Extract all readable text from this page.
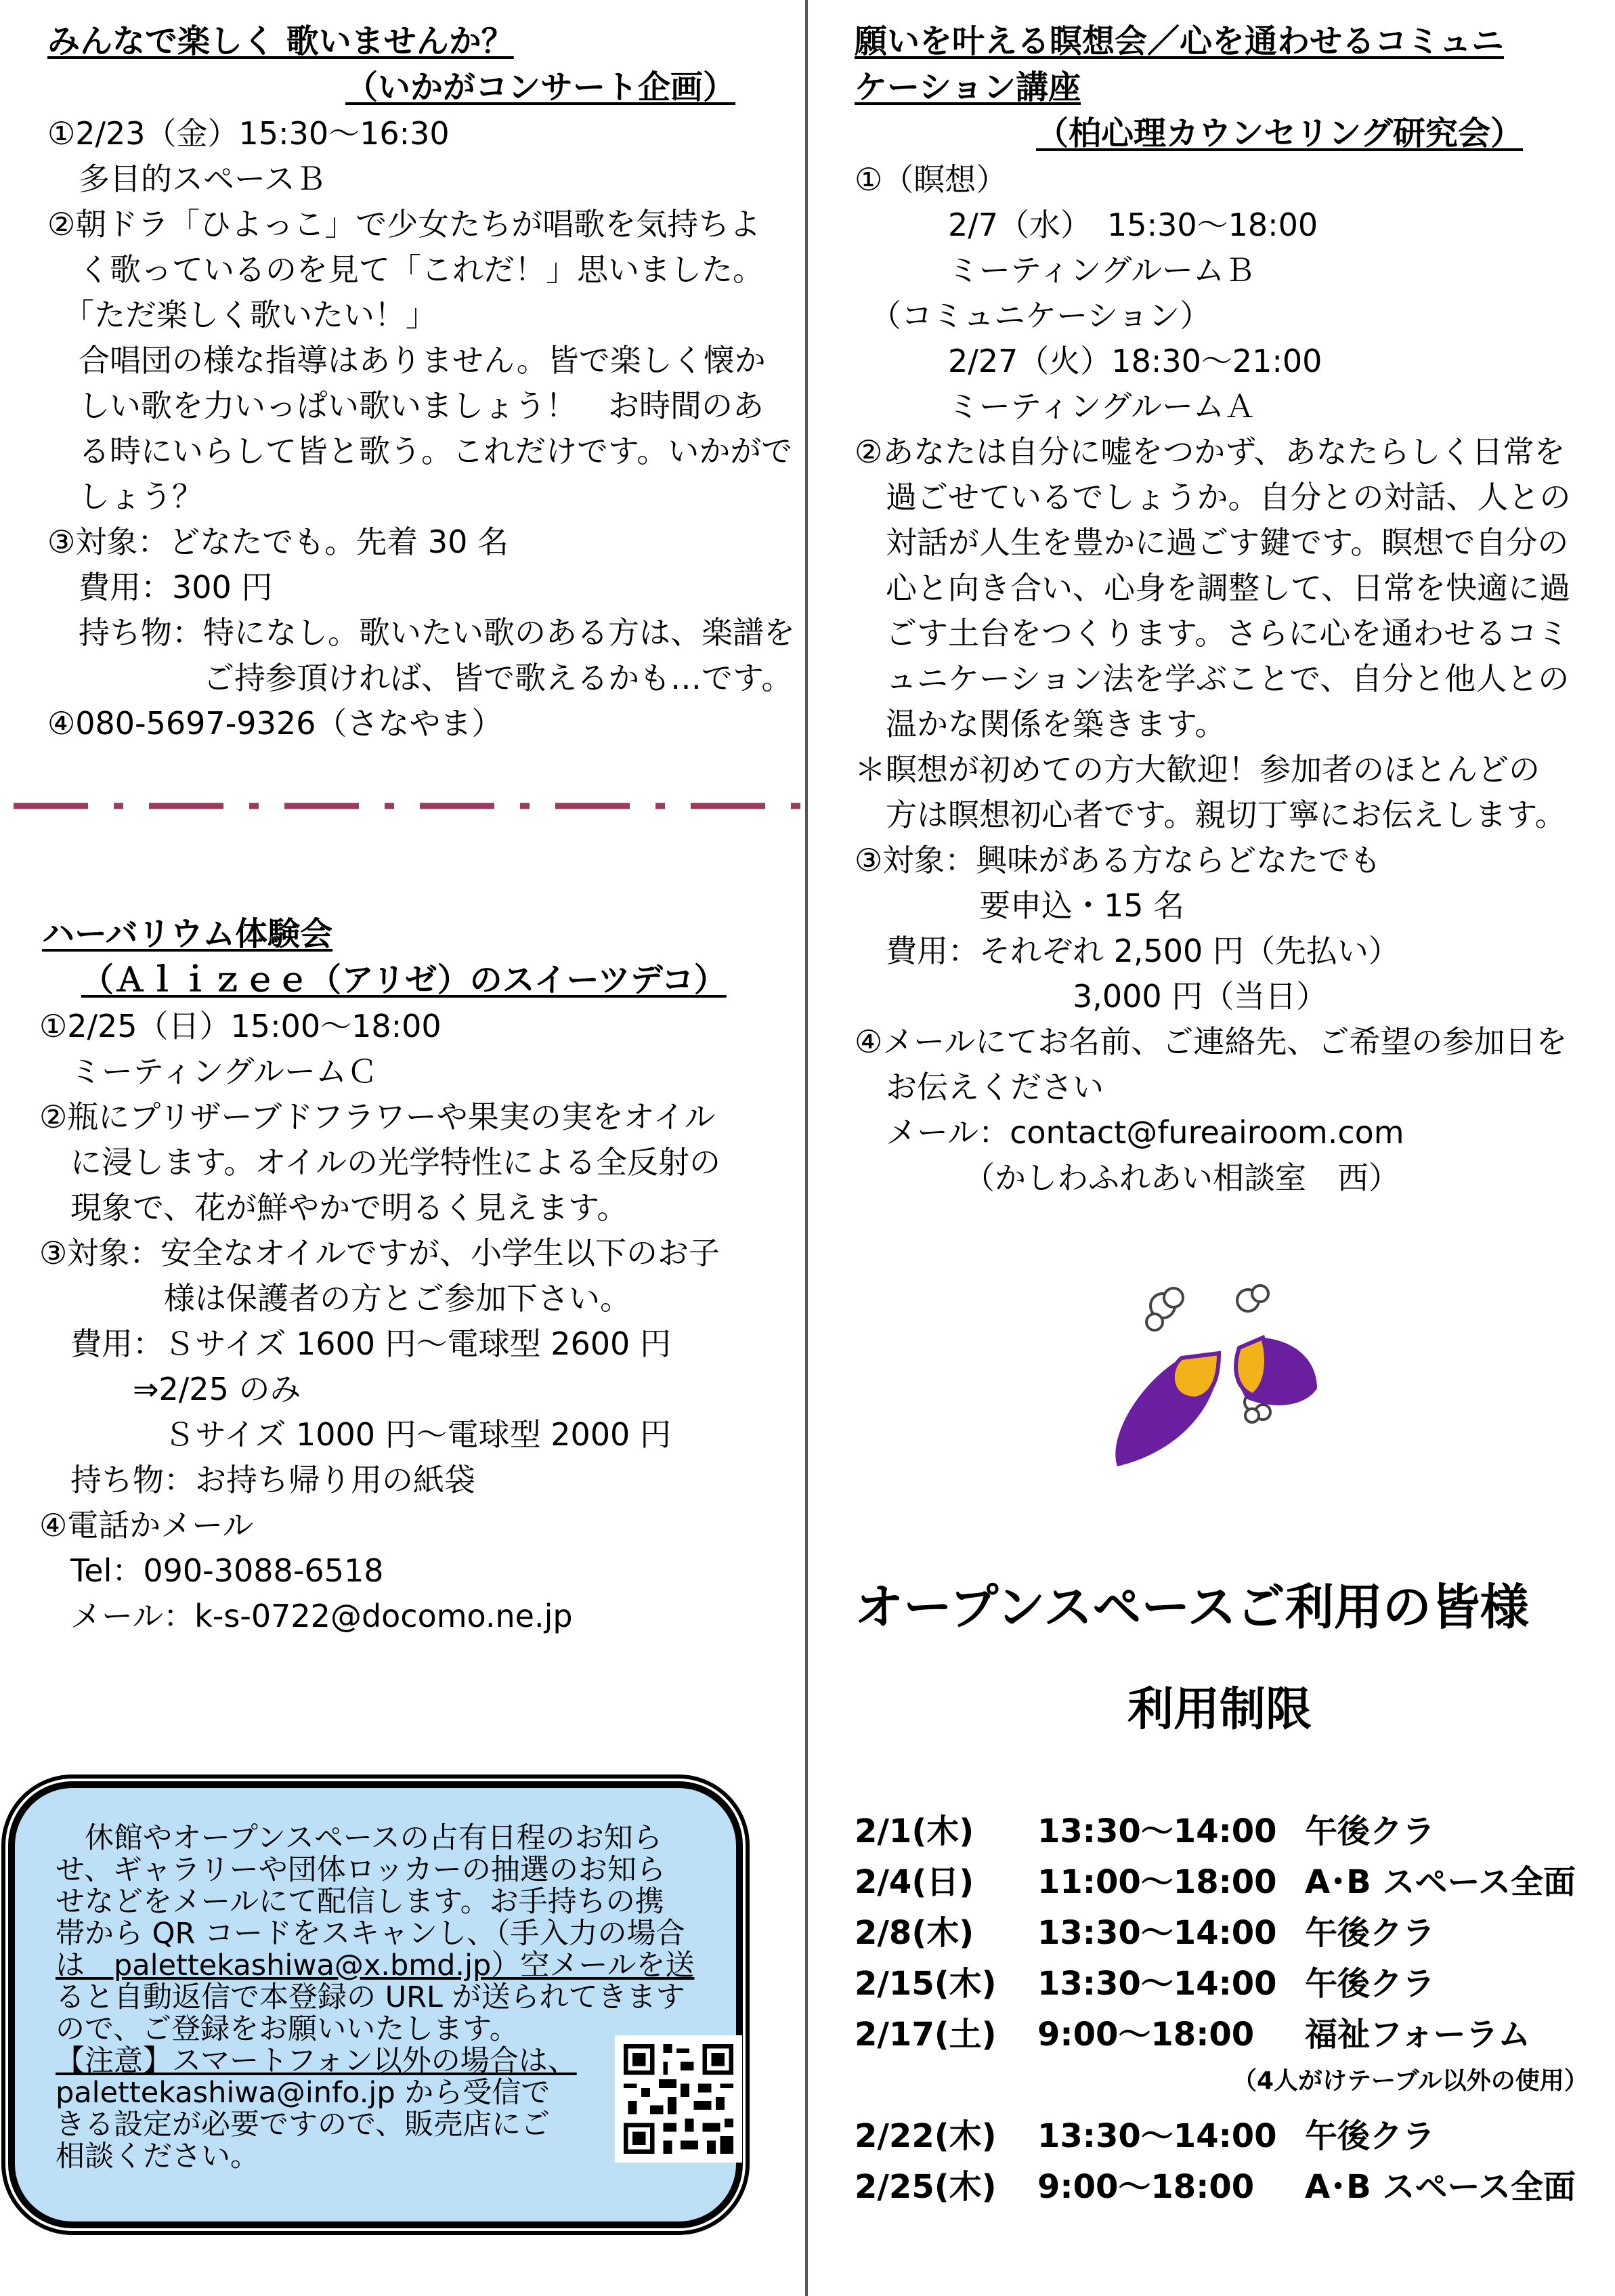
みんなで楽しく 歌いませんか？
（いかがコンサート企画）
①2/23（金）15:30～16:30
　多目的スペースＢ
②朝ドラ「ひよっこ」で少女たちが唱歌を気持ちよ
　く歌っているのを見て「これだ！」思いました。
　「ただ楽しく歌いたい！」
　合唱団の様な指導はありません。皆で楽しく懐か
　しい歌を力いっぱい歌いましょう！　お時間のあ
　る時にいらして皆と歌う。これだけです。いかがで
　しょう？
③対象：どなたでも。先着 30 名
　費用：300 円
　持ち物：特になし。歌いたい歌のある方は、楽譜を
　　　　　ご持参頂ければ、皆で歌えるかも…です。
④080-5697-9326（さなやま）
ハーバリウム体験会
（Ａｌｉｚｅｅ（アリゼ）のスイーツデコ）
①2/25（日）15:00～18:00
　ミーティングルームＣ
②瓶にプリザーブドフラワーや果実の実をオイル
　に浸します。オイルの光学特性による全反射の
　現象で、花が鮮やかで明るく見えます。
③対象：安全なオイルですが、小学生以下のお子
　　　　様は保護者の方とご参加下さい。
　費用：Ｓサイズ 1600 円～電球型 2600 円
　　　⇒2/25 のみ
　　　　Ｓサイズ 1000 円～電球型 2000 円
　持ち物：お持ち帰り用の紙袋
④電話かメール
　Tel：090-3088-6518
　メール：k-s-0722@docomo.ne.jp
　休館やオープンスペースの占有日程のお知ら
せ、ギャラリーや団体ロッカーの抽選のお知ら
せなどをメールにて配信します。お手持ちの携
帯から QR コードをスキャンし、（手入力の場合
は　palettekashiwa@x.bmd.jp）空メールを送
ると自動返信で本登録の URL が送られてきます
ので、ご登録をお願いいたします。
【注意】スマートフォン以外の場合は、
palettekashiwa@info.jp から受信で
きる設定が必要ですので、販売店にご
相談ください。
願いを叶える瞑想会／心を通わせるコミュニ
ケーション講座
（柏心理カウンセリング研究会）
①（瞑想）
　　　2/7（水）　15:30～18:00
　　　ミーティングルームＢ
　（コミュニケーション）
　　　2/27（火）18:30～21:00
　　　ミーティングルームＡ
②あなたは自分に嘘をつかず、あなたらしく日常を
　過ごせているでしょうか。自分との対話、人との
　対話が人生を豊かに過ごす鍵です。瞑想で自分の
　心と向き合い、心身を調整して、日常を快適に過
　ごす土台をつくります。さらに心を通わせるコミ
　ュニケーション法を学ぶことで、自分と他人との
　温かな関係を築きます。
＊瞑想が初めての方大歓迎！参加者のほとんどの
　方は瞑想初心者です。親切丁寧にお伝えします。
③対象：興味がある方ならどなたでも
　　　　要申込・15 名
　費用：それぞれ 2,500 円（先払い）
　　　　　　　3,000 円（当日）
④メールにてお名前、ご連絡先、ご希望の参加日を
　お伝えください
　メール：contact@fureairoom.com
　　　　（かしわふれあい相談室　西）
オープンスペースご利用の皆様
利用制限
2/1(木) 13:30～14:00 午後クラ
2/4(日) 11:00～18:00 A･B スペース全面
2/8(木) 13:30～14:00 午後クラ
2/15(木) 13:30～14:00 午後クラ
2/17(土) 9:00～18:00 福祉フォーラム
2/22(木) 13:30～14:00 午後クラ
2/25(木) 9:00～18:00 A･B スペース全面
（4人がけテーブル以外の使用）
